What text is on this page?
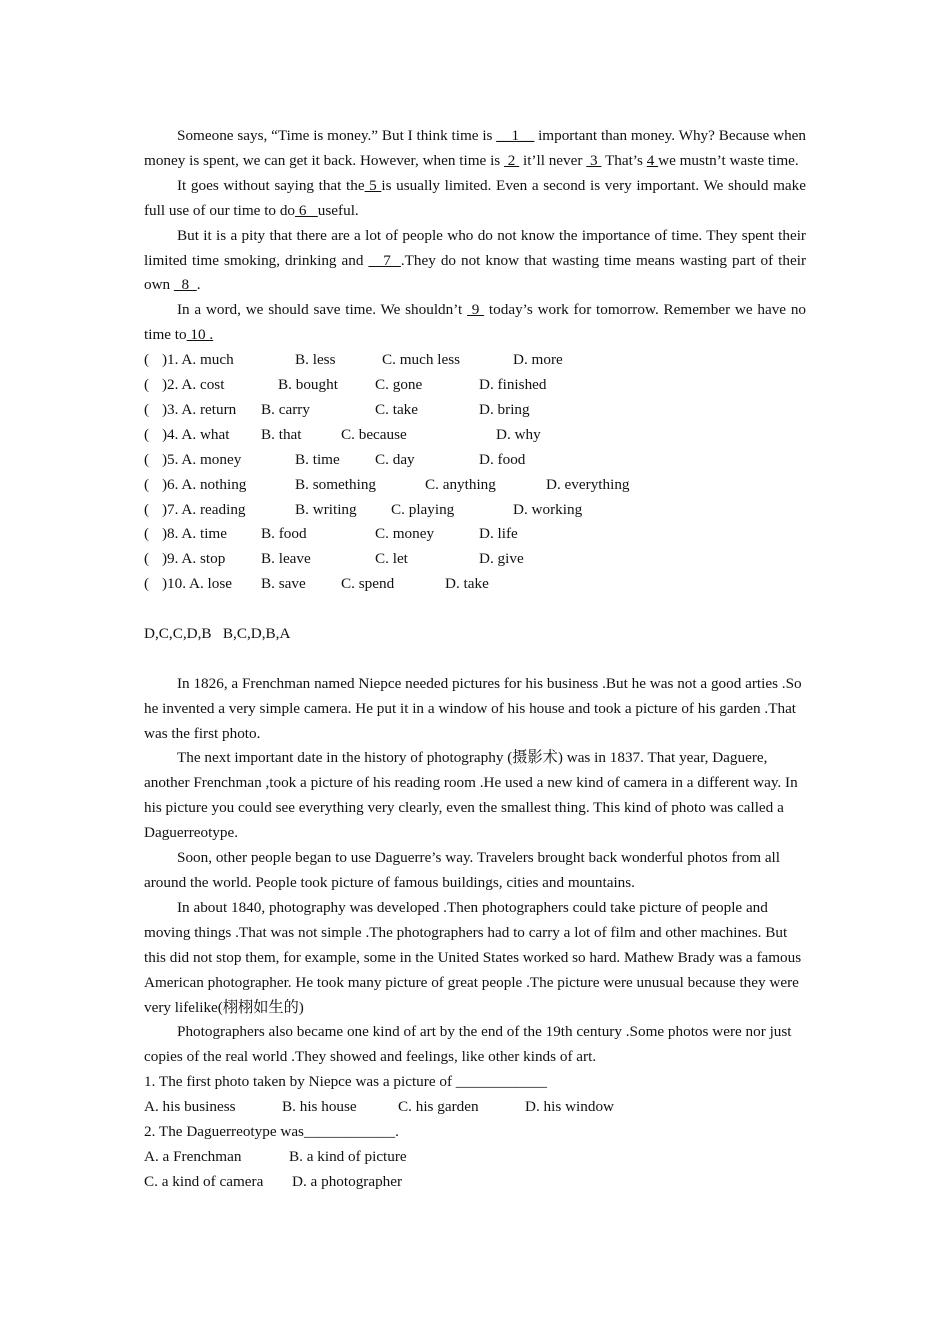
Someone says, “Time is money.” But I think time is __1__ important than money. Why? Because when money is spent, we can get it back. However, when time is  2  it’ll never  3  That’s 4 we mustn’t waste time.

It goes without saying that the 5 is usually limited. Even a second is very important. We should make full use of our time to do 6   useful.

But it is a pity that there are a lot of people who do not know the importance of time. They spent their limited time smoking, drinking and    7  .They do not know that wasting time means wasting part of their own   8  .

In a word, we should save time. We shouldn’t  9  today’s work for tomorrow. Remember we have no time to 10 .

()1. A. much	B. less	C. much less	D. more
()2. A. cost	B. bought C. gone	D. finished
()3. A. return B. carry	C. take	D. bring
()4. A. what B. that	C. because	D. why
()5. A. money	B. time C. day	D. food
()6. A. nothing	B. something	C. anything	D. everything
()7. A. reading	B. writing C. playing	D. working
()8. A. time B. food	C. money	D. life
()9. A. stop B. leave	C. let	D. give
()10. A. lose B. save C. spend	D. take
D,C,C,D,B   B,C,D,B,A

In 1826, a Frenchman named Niepce needed pictures for his business .But he was not a good arties .So he invented a very simple camera. He put it in a window of his house and took a picture of his garden .That was the first photo.

The next important date in the history of photography (摄影术) was in 1837. That year, Daguere, another Frenchman ,took a picture of his reading room .He used a new kind of camera in a different way. In his picture you could see everything very clearly, even the smallest thing. This kind of photo was called a Daguerreotype.

Soon, other people began to use Daguerre’s way. Travelers brought back wonderful photos from all around the world. People took picture of famous buildings, cities and mountains.

In about 1840, photography was developed .Then photographers could take picture of people and moving things .That was not simple .The photographers had to carry a lot of film and other machines. But this did not stop them, for example, some in the United States worked so hard. Mathew Brady was a famous American photographer. He took many picture of great people .The picture were unusual because they were very lifelike(栩栩如生的)

Photographers also became one kind of art by the end of the 19th century .Some photos were nor just copies of the real world .They showed and feelings, like other kinds of art.

1. The first photo taken by Niepce was a picture of ____________
A. his business	B. his house	C. his garden	D. his window
2. The Daguerreotype was____________.
A. a Frenchman	B. a kind of picture
C. a kind of camera D. a photographer
